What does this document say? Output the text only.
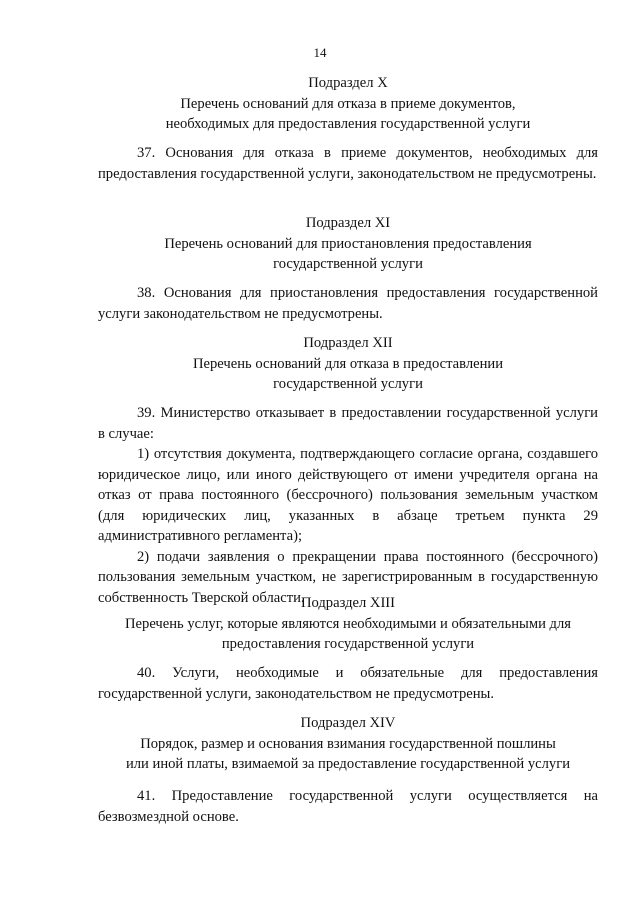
14
Подраздел X
Перечень оснований для отказа в приеме документов,
необходимых для предоставления государственной услуги

37. Основания для отказа в приеме документов, необходимых для предоставления государственной услуги, законодательством не предусмотрены.

Подраздел XI
Перечень оснований для приостановления предоставления
государственной услуги

38. Основания для приостановления предоставления государственной услуги законодательством не предусмотрены.

Подраздел XII
Перечень оснований для отказа в предоставлении
государственной услуги

39. Министерство отказывает в предоставлении государственной услуги в случае:

1) отсутствия документа, подтверждающего согласие органа, создавшего юридическое лицо, или иного действующего от имени учредителя органа на отказ от права постоянного (бессрочного) пользования земельным участком (для юридических лиц, указанных в абзаце третьем пункта 29 административного регламента);

2) подачи заявления о прекращении права постоянного (бессрочного) пользования земельным участком, не зарегистрированным в государственную собственность Тверской области.

Подраздел XIII
Перечень услуг, которые являются необходимыми и обязательными для
предоставления государственной услуги

40. Услуги, необходимые и обязательные для предоставления государственной услуги, законодательством не предусмотрены.

Подраздел XIV
Порядок, размер и основания взимания государственной пошлины
или иной платы, взимаемой за предоставление государственной услуги

41. Предоставление государственной услуги осуществляется на безвозмездной основе.
